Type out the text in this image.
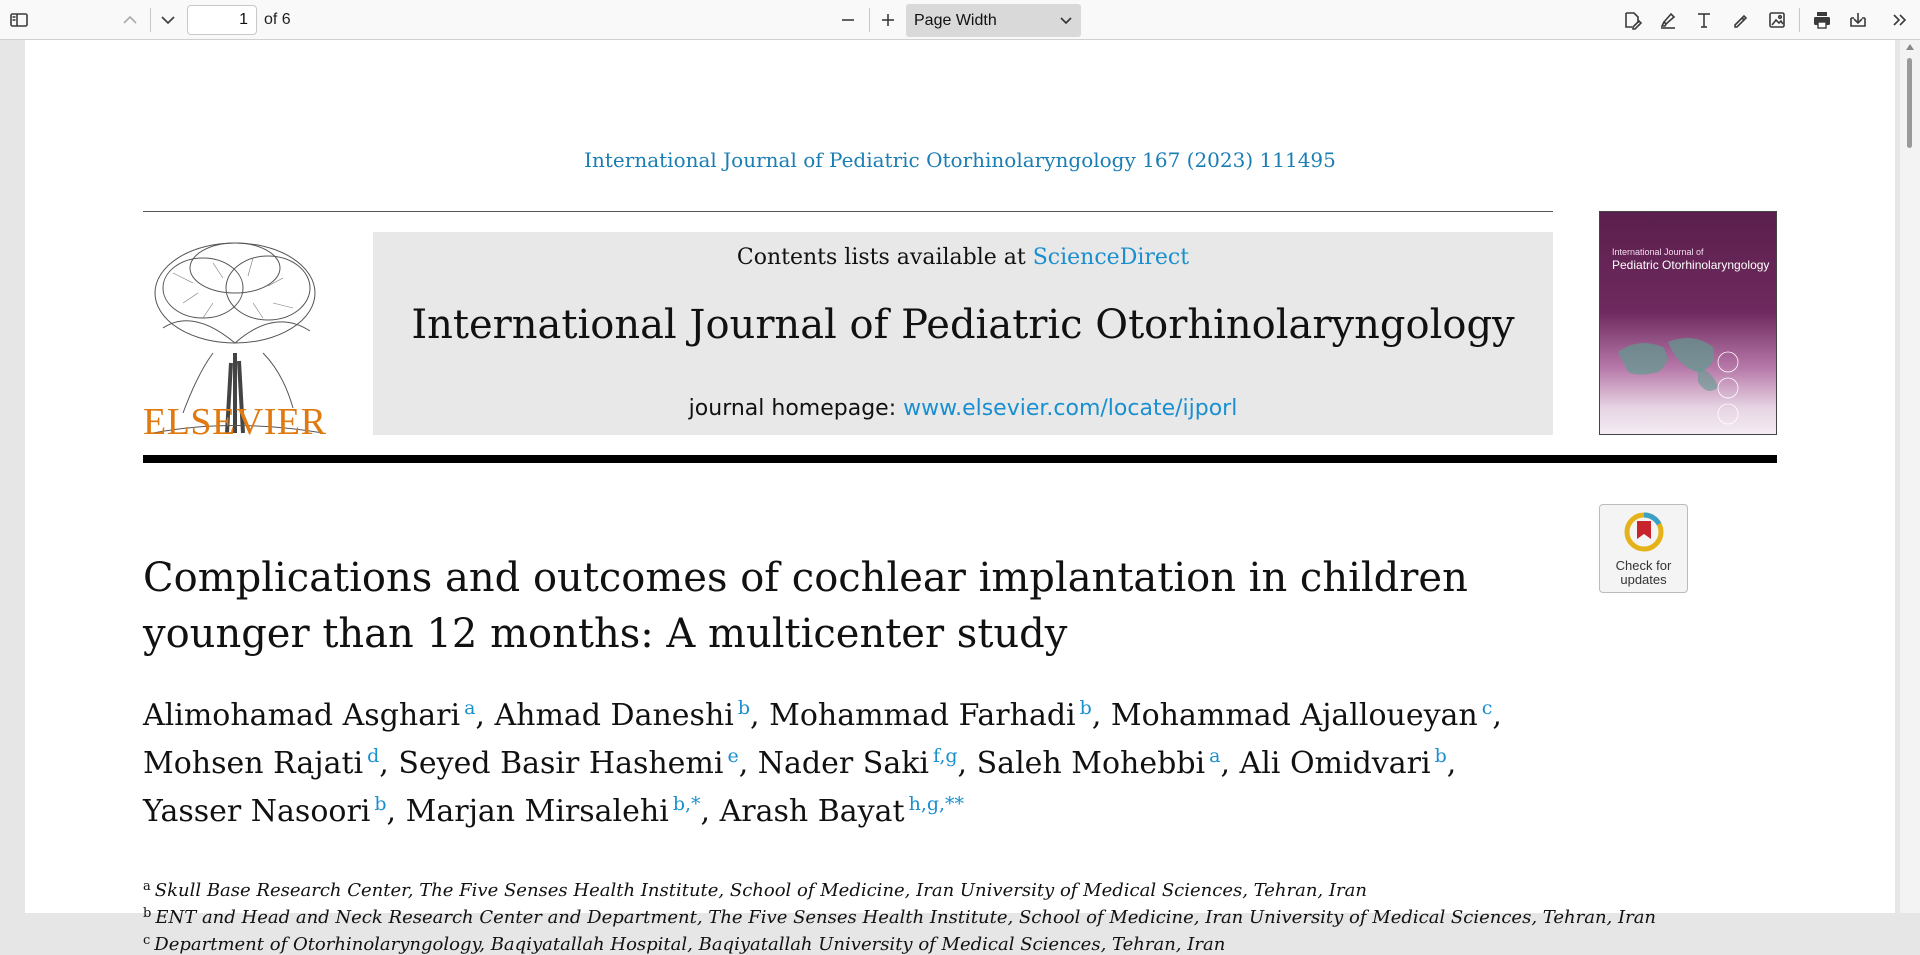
1
of 6	Page Width
International Journal of Pediatric Otorhinolaryngology 167 (2023) 111495
ELSEVIER
Contents lists available at ScienceDirect
International Journal of Pediatric Otorhinolaryngology
journal homepage: www.elsevier.com/locate/ijporl
International Journal of
Pediatric Otorhinolaryngology
Check for updates
Complications and outcomes of cochlear implantation in children younger than 12 months: A multicenter study
Alimohamad Asghari $^a$, Ahmad Daneshi $^b$, Mohammad Farhadi $^b$, Mohammad Ajalloueyan $^c$,
Mohsen Rajati $^d$, Seyed Basir Hashemi $^e$, Nader Saki $^{f,g}$, Saleh Mohebbi $^a$, Ali Omidvari $^b$,
Yasser Nasoori $^b$, Marjan Mirsalehi $^{b,*}$, Arash Bayat $^{h,g,**}$
$^a$ Skull Base Research Center, The Five Senses Health Institute, School of Medicine, Iran University of Medical Sciences, Tehran, Iran
$^b$ ENT and Head and Neck Research Center and Department, The Five Senses Health Institute, School of Medicine, Iran University of Medical Sciences, Tehran, Iran
$^c$ Department of Otorhinolaryngology, Baqiyatallah Hospital, Baqiyatallah University of Medical Sciences, Tehran, Iran
